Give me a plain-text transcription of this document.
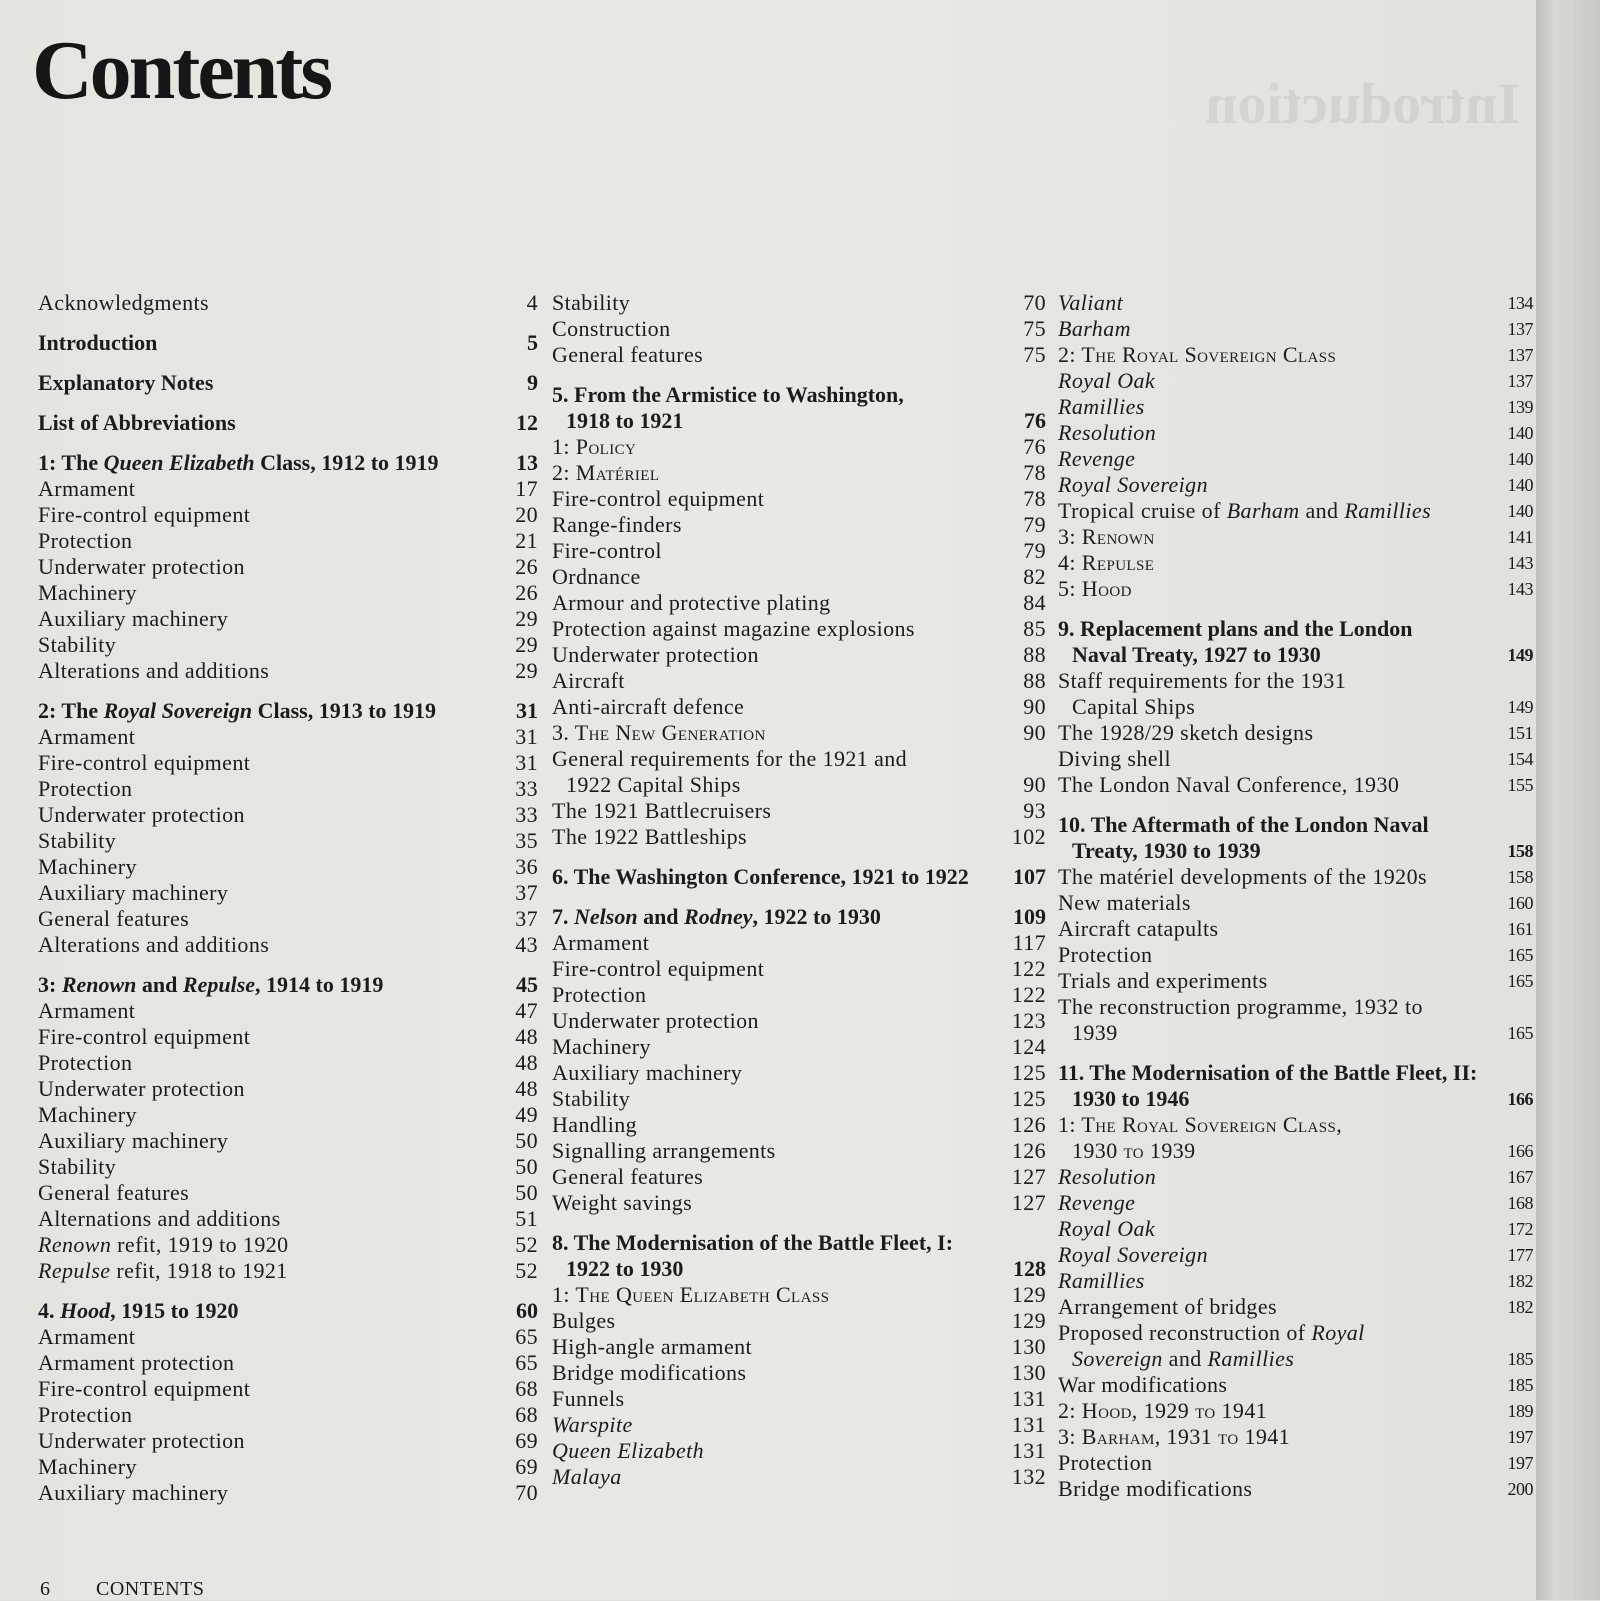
Introduction
Contents
Acknowledgments	4
Introduction	5
Explanatory Notes	9
List of Abbreviations	12
1: The Queen Elizabeth Class, 1912 to 1919	13
Armament	17
Fire-control equipment	20
Protection	21
Underwater protection	26
Machinery	26
Auxiliary machinery	29
Stability	29
Alterations and additions	29
2: The Royal Sovereign Class, 1913 to 1919	31
Armament	31
Fire-control equipment	31
Protection	33
Underwater protection	33
Stability	35
Machinery	36
Auxiliary machinery	37
General features	37
Alterations and additions	43
3: Renown and Repulse, 1914 to 1919	45
Armament	47
Fire-control equipment	48
Protection	48
Underwater protection	48
Machinery	49
Auxiliary machinery	50
Stability	50
General features	50
Alternations and additions	51
Renown refit, 1919 to 1920	52
Repulse refit, 1918 to 1921	52
4. Hood, 1915 to 1920	60
Armament	65
Armament protection	65
Fire-control equipment	68
Protection	68
Underwater protection	69
Machinery	69
Auxiliary machinery	70
Stability	70
Construction	75
General features	75
5. From the Armistice to Washington,
1918 to 1921	76
1: Policy	76
2: Matériel	78
Fire-control equipment	78
Range-finders	79
Fire-control	79
Ordnance	82
Armour and protective plating	84
Protection against magazine explosions	85
Underwater protection	88
Aircraft	88
Anti-aircraft defence	90
3. The New Generation	90
General requirements for the 1921 and
1922 Capital Ships	90
The 1921 Battlecruisers	93
The 1922 Battleships	102
6. The Washington Conference, 1921 to 1922	107
7. Nelson and Rodney, 1922 to 1930	109
Armament	117
Fire-control equipment	122
Protection	122
Underwater protection	123
Machinery	124
Auxiliary machinery	125
Stability	125
Handling	126
Signalling arrangements	126
General features	127
Weight savings	127
8. The Modernisation of the Battle Fleet, I:
1922 to 1930	128
1: The Queen Elizabeth Class	129
Bulges	129
High-angle armament	130
Bridge modifications	130
Funnels	131
Warspite	131
Queen Elizabeth	131
Malaya	132
Valiant	134
Barham	137
2: The Royal Sovereign Class	137
Royal Oak	137
Ramillies	139
Resolution	140
Revenge	140
Royal Sovereign	140
Tropical cruise of Barham and Ramillies	140
3: Renown	141
4: Repulse	143
5: Hood	143
9. Replacement plans and the London
Naval Treaty, 1927 to 1930	149
Staff requirements for the 1931
Capital Ships	149
The 1928/29 sketch designs	151
Diving shell	154
The London Naval Conference, 1930	155
10. The Aftermath of the London Naval
Treaty, 1930 to 1939	158
The matériel developments of the 1920s	158
New materials	160
Aircraft catapults	161
Protection	165
Trials and experiments	165
The reconstruction programme, 1932 to
1939	165
11. The Modernisation of the Battle Fleet, II:
1930 to 1946	166
1: The Royal Sovereign Class,
1930 to 1939	166
Resolution	167
Revenge	168
Royal Oak	172
Royal Sovereign	177
Ramillies	182
Arrangement of bridges	182
Proposed reconstruction of Royal
Sovereign and Ramillies	185
War modifications	185
2: Hood, 1929 to 1941	189
3: Barham, 1931 to 1941	197
Protection	197
Bridge modifications	200
6 CONTENTS
